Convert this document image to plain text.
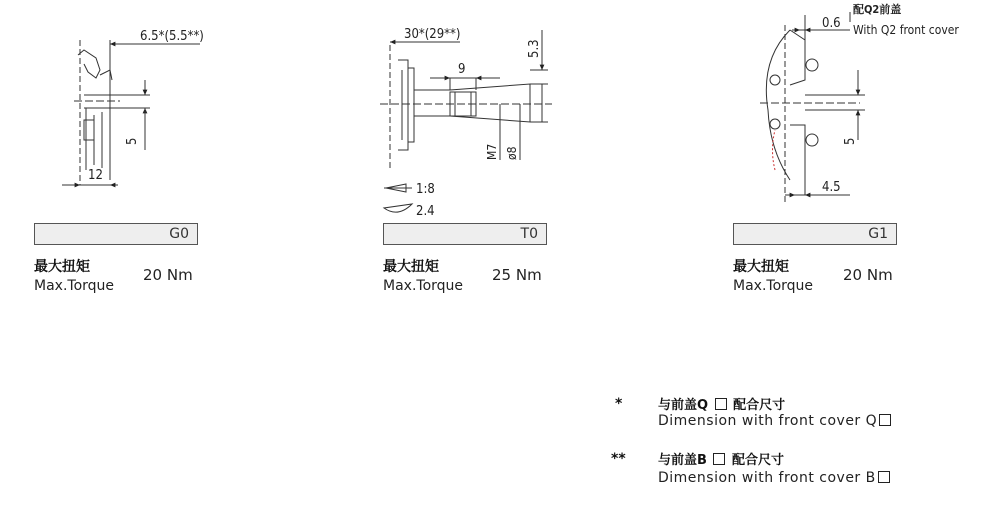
6.5*(5.5**)
5
12
30*(29**)
9
5.3
M7 ø8
1:8
2.4
0.6
5
4.5
配Q2前盖
With Q2 front cover
G0	T0	G1
最大扭矩
Max.Torque
20 Nm	最大扭矩
Max.Torque
25 Nm	最大扭矩
Max.Torque
20 Nm
*	与前盖Q 配合尺寸
Dimension with front cover Q
** 与前盖B 配合尺寸
Dimension with front cover B
